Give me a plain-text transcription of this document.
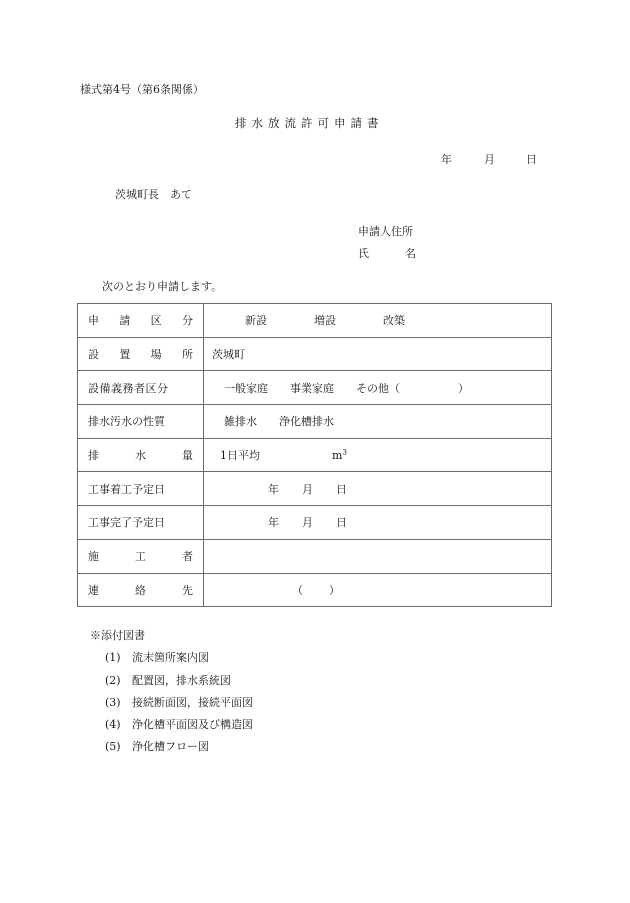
様式第4号（第6条関係）
排水放流許可申請書
年	月	日
茨城町長　あて
申請人住所
氏	名
次のとおり申請します。
申 請 区 分	新設 増設 改築

設 置 場 所	茨城町
設備義務者区分	一般家庭 事業家庭 その他（ ）
排水汚水の性質	雑排水 浄化槽排水

排 水 量	1日平均 $m^3$
工事着工予定日	年 月 日
工事完了予定日	年 月 日

施 工 者	

連 絡 先	（ ）
※添付図書
(1) 流末箇所案内図
(2) 配置図，排水系統図
(3) 接続断面図，接続平面図
(4) 浄化槽平面図及び構造図
(5) 浄化槽フロー図
